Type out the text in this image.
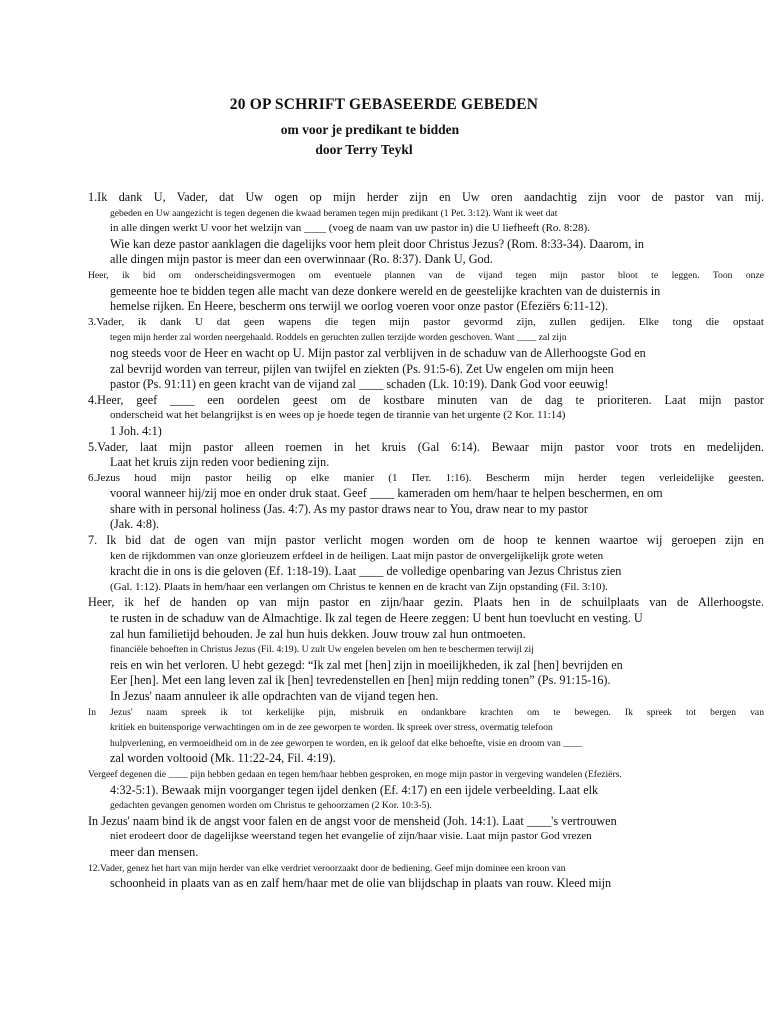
20 OP SCHRIFT GEBASEERDE GEBEDEN
om voor je predikant te bidden
door Terry Teykl
1.Ik dank U, Vader, dat Uw ogen op mijn herder zijn en Uw oren aandachtig zijn voor de pastor van mij.
gebeden en Uw aangezicht is tegen degenen die kwaad beramen tegen mijn predikant (1 Pet. 3:12). Want ik weet dat
in alle dingen werkt U voor het welzijn van ____ (voeg de naam van uw pastor in) die U liefheeft (Ro. 8:28).
Wie kan deze pastor aanklagen die dagelijks voor hem pleit door Christus Jezus? (Rom. 8:33-34). Daarom, in
alle dingen mijn pastor is meer dan een overwinnaar (Ro. 8:37). Dank U, God.
Heer, ik bid om onderscheidingsvermogen om eventuele plannen van de vijand tegen mijn pastor bloot te leggen. Toon onze
gemeente hoe te bidden tegen alle macht van deze donkere wereld en de geestelijke krachten van de duisternis in
hemelse rijken. En Heere, bescherm ons terwijl we oorlog voeren voor onze pastor (Efeziërs 6:11-12).
3.Vader, ik dank U dat geen wapens die tegen mijn pastor gevormd zijn, zullen gedijen. Elke tong die opstaat
tegen mijn herder zal worden neergehaald. Roddels en geruchten zullen terzijde worden geschoven. Want ____ zal zijn
nog steeds voor de Heer en wacht op U. Mijn pastor zal verblijven in de schaduw van de Allerhoogste God en
zal bevrijd worden van terreur, pijlen van twijfel en ziekten (Ps. 91:5-6). Zet Uw engelen om mijn heen
pastor (Ps. 91:11) en geen kracht van de vijand zal ____ schaden (Lk. 10:19). Dank God voor eeuwig!
4.Heer, geef ____ een oordelen geest om de kostbare minuten van de dag te prioriteren. Laat mijn pastor
onderscheid wat het belangrijkst is en wees op je hoede tegen de tirannie van het urgente (2 Kor. 11:14)
1 Joh. 4:1)
5.Vader, laat mijn pastor alleen roemen in het kruis (Gal 6:14). Bewaar mijn pastor voor trots en medelijden.
Laat het kruis zijn reden voor bediening zijn.
6.Jezus houd mijn pastor heilig op elke manier (1 Пет. 1:16). Bescherm mijn herder tegen verleidelijke geesten.
vooral wanneer hij/zij moe en onder druk staat. Geef ____ kameraden om hem/haar te helpen beschermen, en om
share with in personal holiness (Jas. 4:7). As my pastor draws near to You, draw near to my pastor
(Jak. 4:8).
7. Ik bid dat de ogen van mijn pastor verlicht mogen worden om de hoop te kennen waartoe wij geroepen zijn en
ken de rijkdommen van onze glorieuzem erfdeel in de heiligen. Laat mijn pastor de onvergelijkelijk grote weten
kracht die in ons is die geloven (Ef. 1:18-19). Laat ____ de volledige openbaring van Jezus Christus zien
(Gal. 1:12). Plaats in hem/haar een verlangen om Christus te kennen en de kracht van Zijn opstanding (Fil. 3:10).
Heer, ik hef de handen op van mijn pastor en zijn/haar gezin. Plaats hen in de schuilplaats van de Allerhoogste.
te rusten in de schaduw van de Almachtige. Ik zal tegen de Heere zeggen: U bent hun toevlucht en vesting. U
zal hun familietijd behouden. Je zal hun huis dekken. Jouw trouw zal hun ontmoeten.
financiële behoeften in Christus Jezus (Fil. 4:19). U zult Uw engelen bevelen om hen te beschermen terwijl zij
reis en win het verloren. U hebt gezegd: “Ik zal met [hen] zijn in moeilijkheden, ik zal [hen] bevrijden en
Eer [hen]. Met een lang leven zal ik [hen] tevredenstellen en [hen] mijn redding tonen” (Ps. 91:15-16).
In Jezus' naam annuleer ik alle opdrachten van de vijand tegen hen.
In Jezus' naam spreek ik tot kerkelijke pijn, misbruik en ondankbare krachten om te bewegen. Ik spreek tot bergen van
kritiek en buitensporige verwachtingen om in de zee geworpen te worden. Ik spreek over stress, overmatig telefoon
hulpverlening, en vermoeidheid om in de zee geworpen te worden, en ik geloof dat elke behoefte, visie en droom van ____
zal worden voltooid (Mk. 11:22-24, Fil. 4:19).
Vergeef degenen die ____ pijn hebben gedaan en tegen hem/haar hebben gesproken, en moge mijn pastor in vergeving wandelen (Efeziërs.
4:32-5:1). Bewaak mijn voorganger tegen ijdel denken (Ef. 4:17) en een ijdele verbeelding. Laat elk
gedachten gevangen genomen worden om Christus te gehoorzamen (2 Kor. 10:3-5).
In Jezus' naam bind ik de angst voor falen en de angst voor de mensheid (Joh. 14:1). Laat ____'s vertrouwen
niet erodeert door de dagelijkse weerstand tegen het evangelie of zijn/haar visie. Laat mijn pastor God vrezen
meer dan mensen.
12.Vader, genez het hart van mijn herder van elke verdriet veroorzaakt door de bediening. Geef mijn dominee een kroon van
schoonheid in plaats van as en zalf hem/haar met de olie van blijdschap in plaats van rouw. Kleed mijn
